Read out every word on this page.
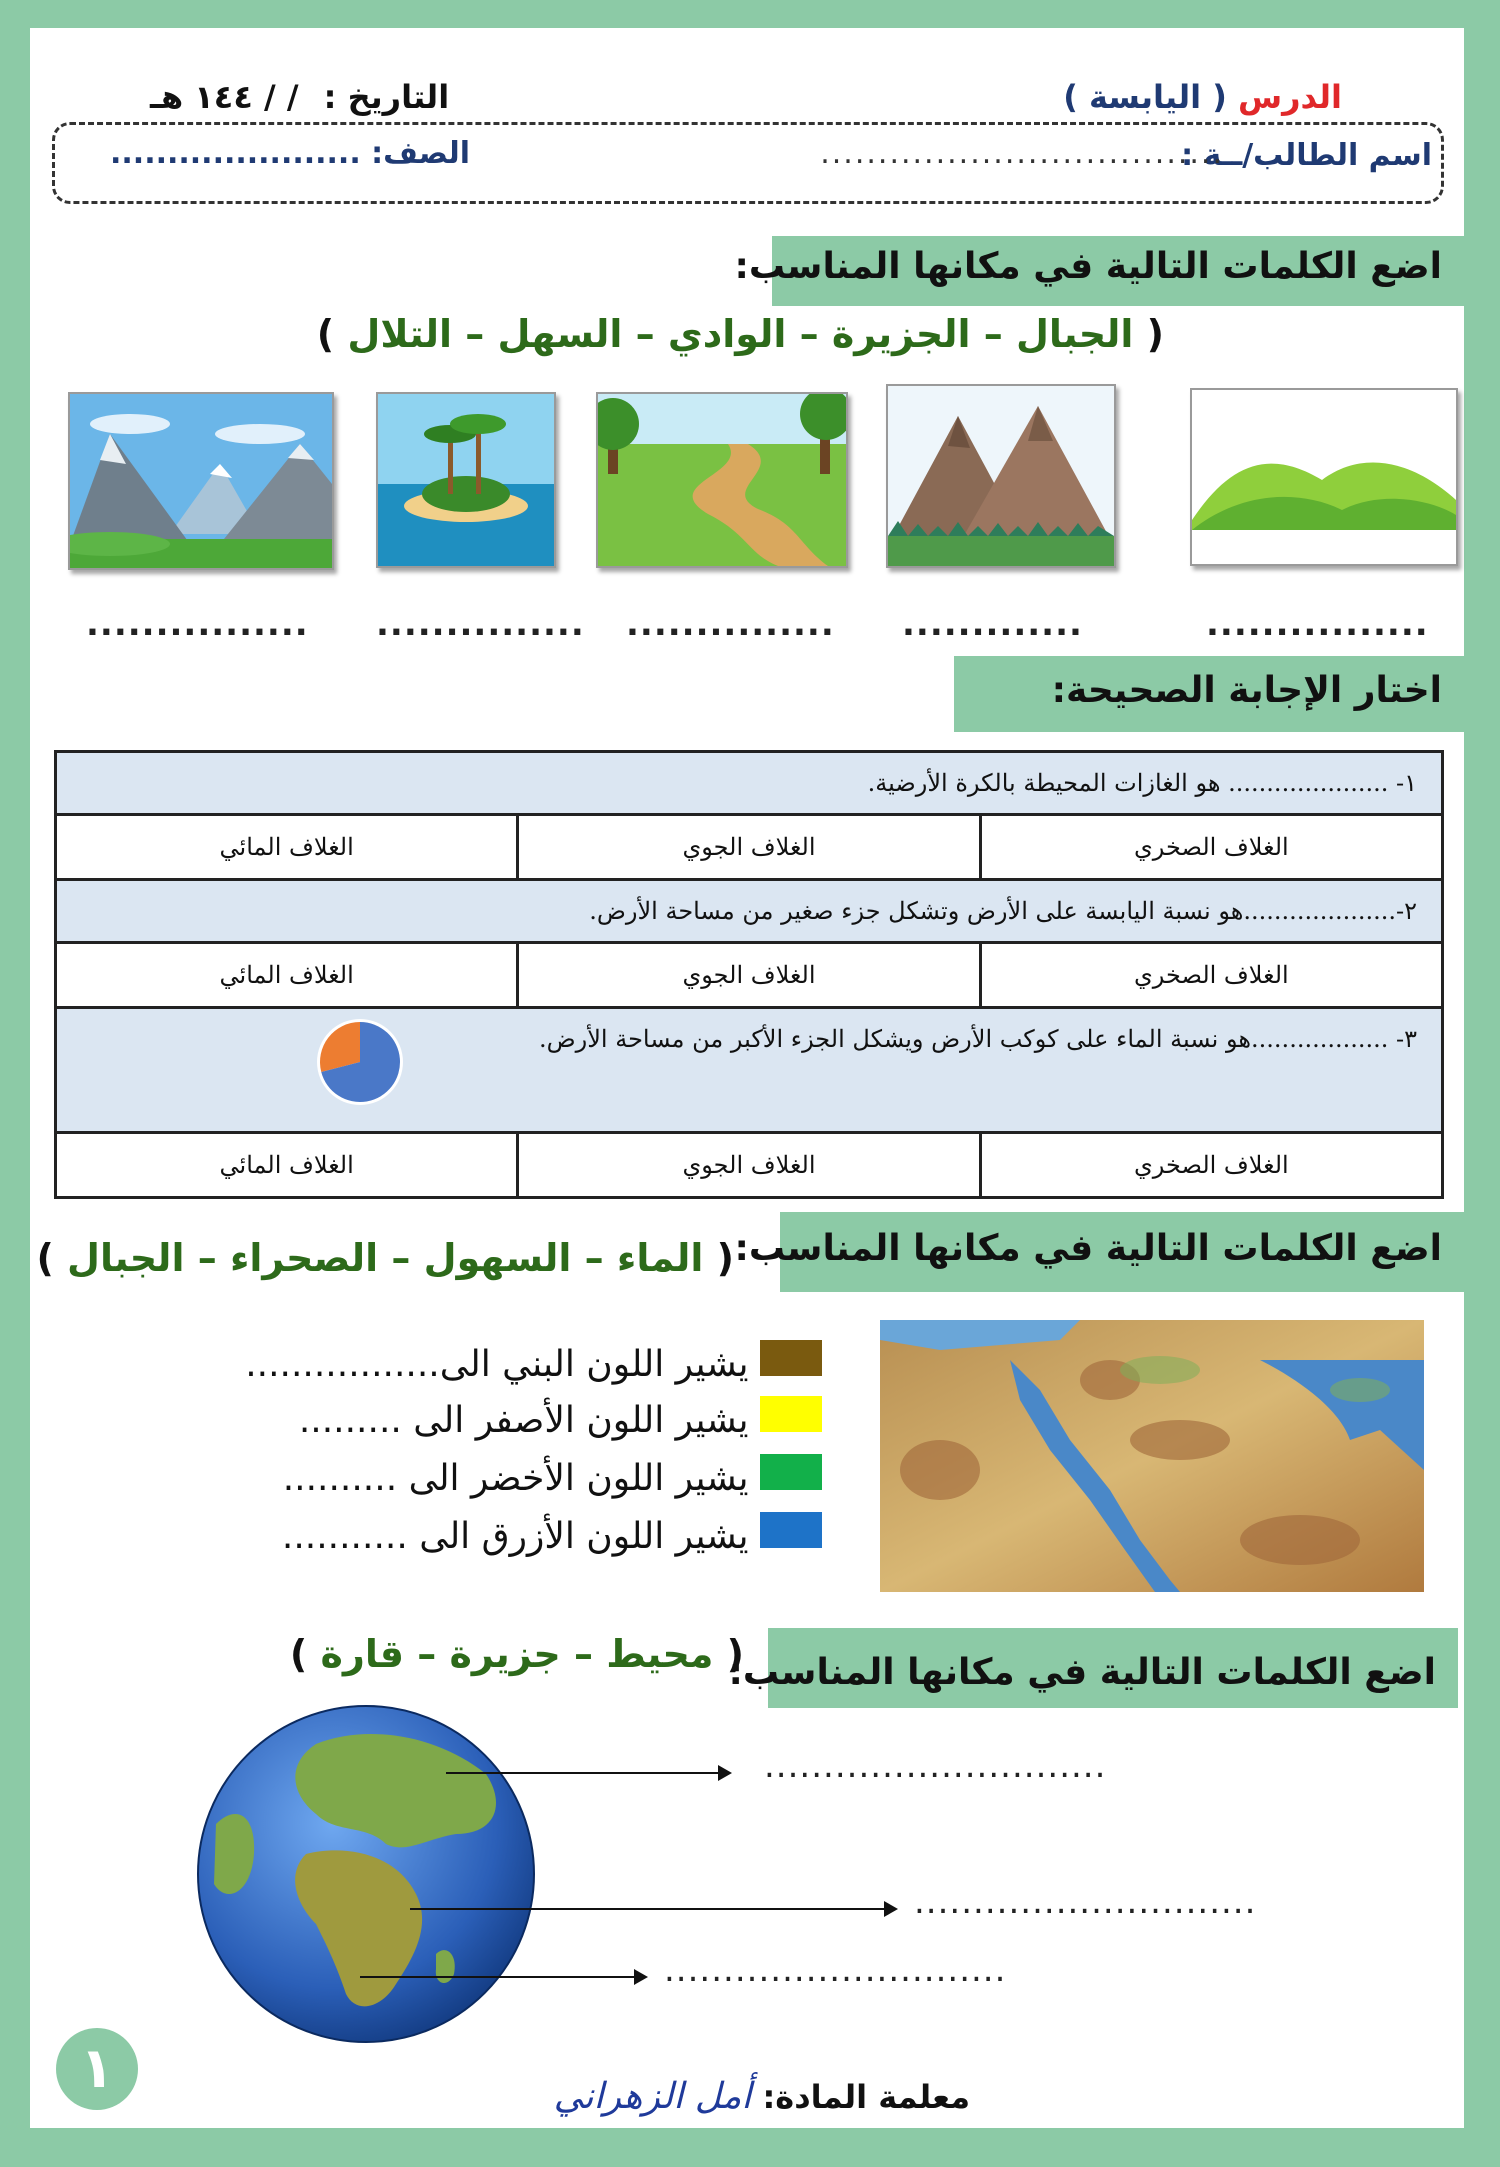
الدرس ( اليابسة )
التاريخ : / / ١٤٤ هـ
اسم الطالب/ــة :
...................................
الصف: ......................
اضع الكلمات التالية في مكانها المناسب:
( الجبال – الجزيرة – الوادي – السهل – التلال )
................ ............... ............... .............	................
اختار الإجابة الصحيحة:
١- ..................... هو الغازات المحيطة بالكرة الأرضية.		
الغلاف الصخري	الغلاف الجوي	الغلاف المائي
٢-....................هو نسبة اليابسة على الأرض وتشكل جزء صغير من مساحة الأرض.		
الغلاف الصخري	الغلاف الجوي	الغلاف المائي
٣- ..................هو نسبة الماء على كوكب الأرض ويشكل الجزء الأكبر من مساحة الأرض.		

الغلاف الصخري	الغلاف الجوي	الغلاف المائي
اضع الكلمات التالية في مكانها المناسب:
( الماء – السهول – الصحراء – الجبال )
يشير اللون البني الى.................
يشير اللون الأصفر الى .........
يشير اللون الأخضر الى ..........
يشير اللون الأزرق الى ...........
اضع الكلمات التالية في مكانها المناسب:
( محيط – جزيرة – قارة )
.............................
.............................
.............................
١	معلمة المادة: أمل الزهراني
